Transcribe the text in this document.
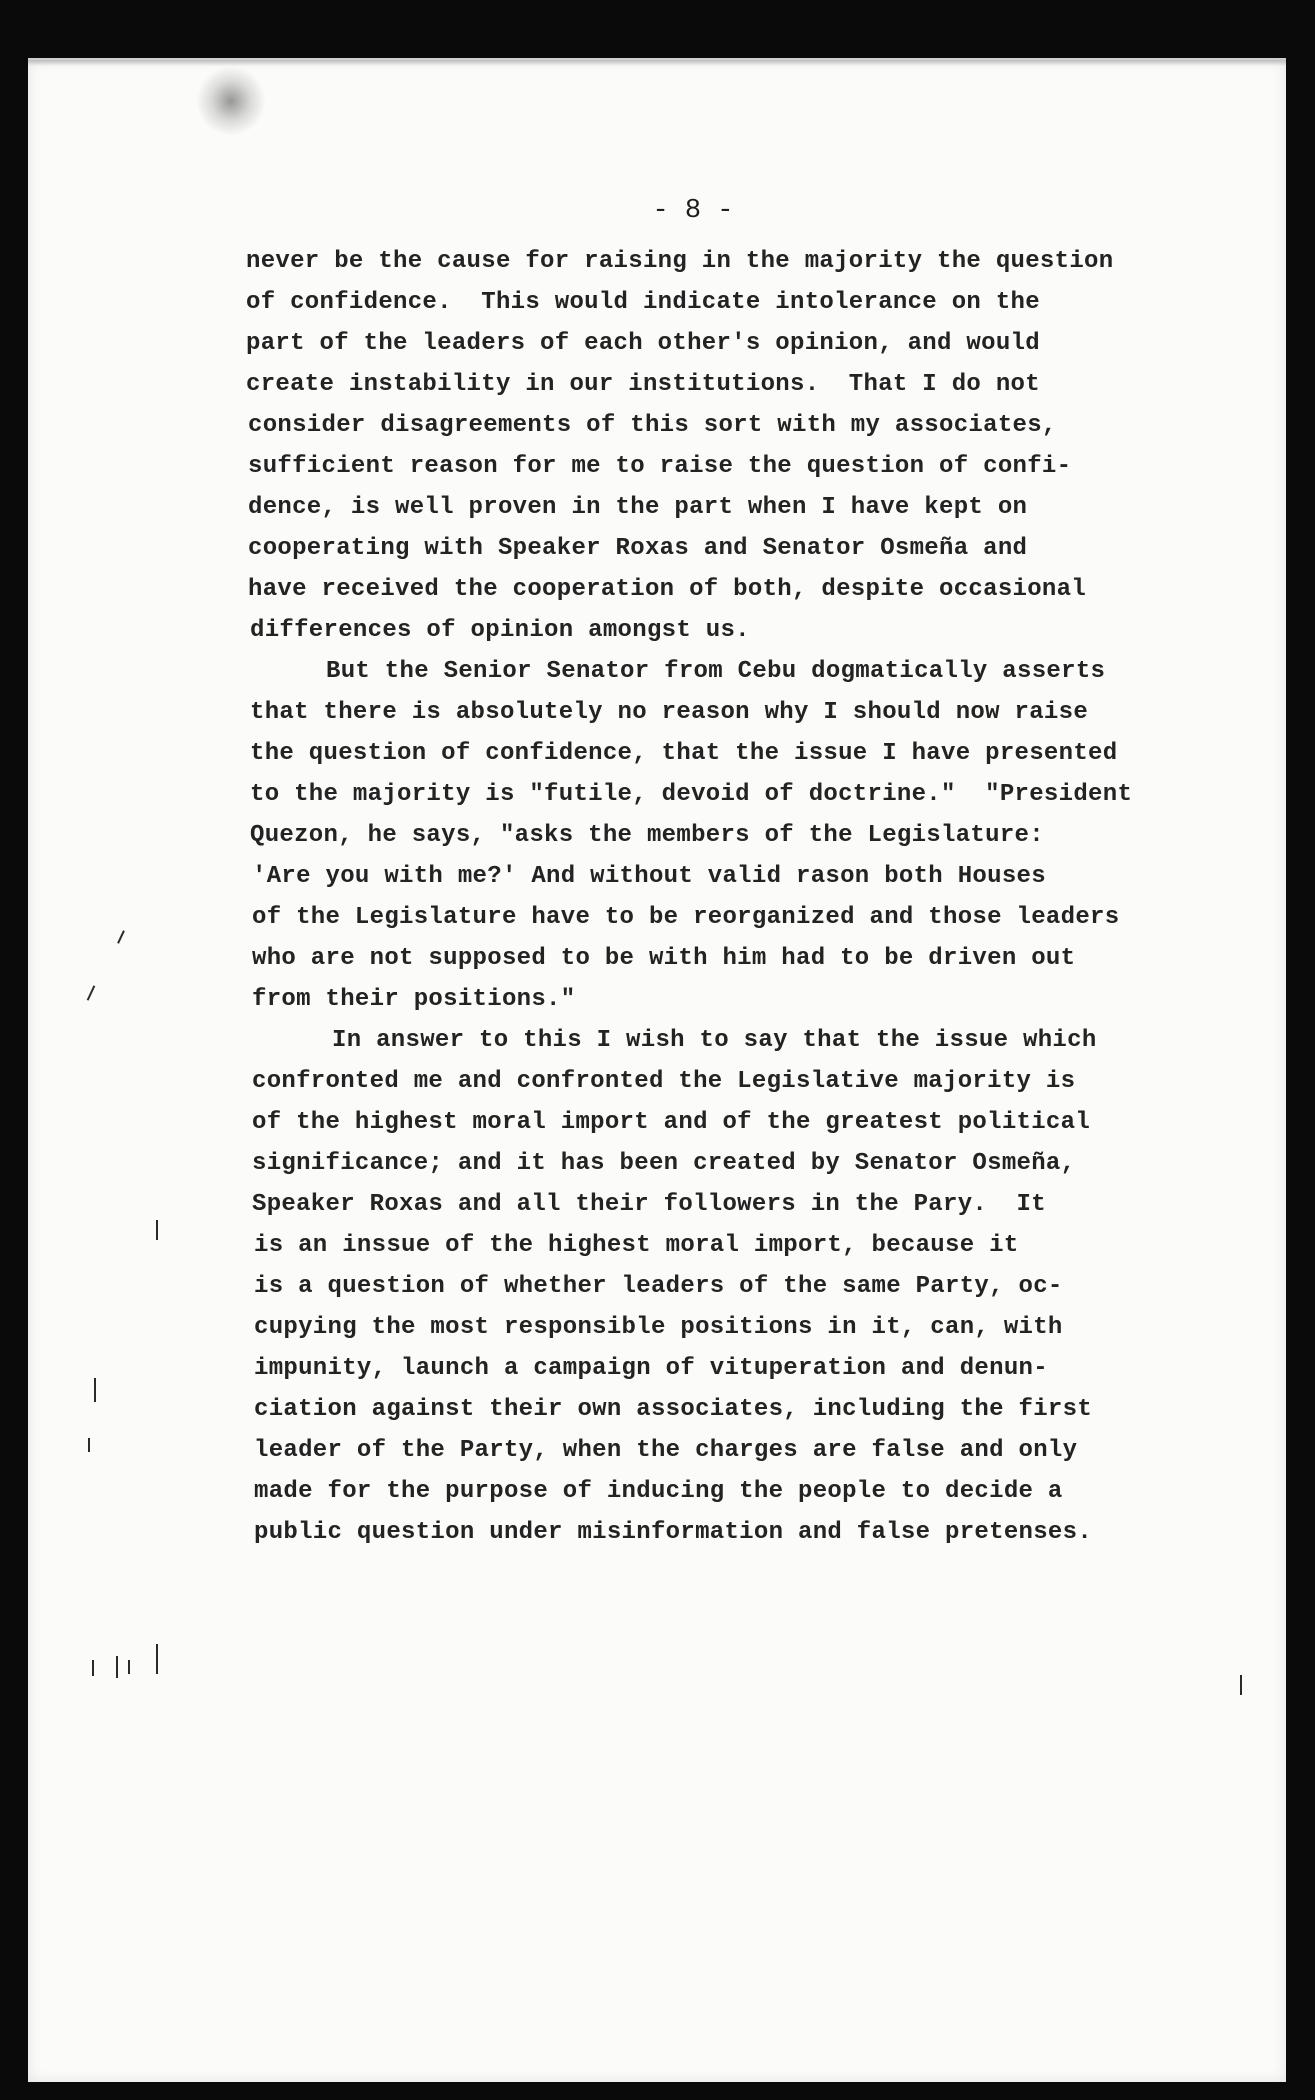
- 8 -
never be the cause for raising in the majority the question
of confidence.  This would indicate intolerance on the
part of the leaders of each other's opinion, and would
create instability in our institutions.  That I do not
consider disagreements of this sort with my associates,
sufficient reason for me to raise the question of confi-
dence, is well proven in the part when I have kept on
cooperating with Speaker Roxas and Senator Osmeña and
have received the cooperation of both, despite occasional
differences of opinion amongst us.
But the Senior Senator from Cebu dogmatically asserts
that there is absolutely no reason why I should now raise
the question of confidence, that the issue I have presented
to the majority is "futile, devoid of doctrine."  "President
Quezon, he says, "asks the members of the Legislature:
'Are you with me?' And without valid rason both Houses
of the Legislature have to be reorganized and those leaders
who are not supposed to be with him had to be driven out
from their positions."
In answer to this I wish to say that the issue which
confronted me and confronted the Legislative majority is
of the highest moral import and of the greatest political
significance; and it has been created by Senator Osmeña,
Speaker Roxas and all their followers in the Pary.  It
is an inssue of the highest moral import, because it
is a question of whether leaders of the same Party, oc-
cupying the most responsible positions in it, can, with
impunity, launch a campaign of vituperation and denun-
ciation against their own associates, including the first
leader of the Party, when the charges are false and only
made for the purpose of inducing the people to decide a
public question under misinformation and false pretenses.
